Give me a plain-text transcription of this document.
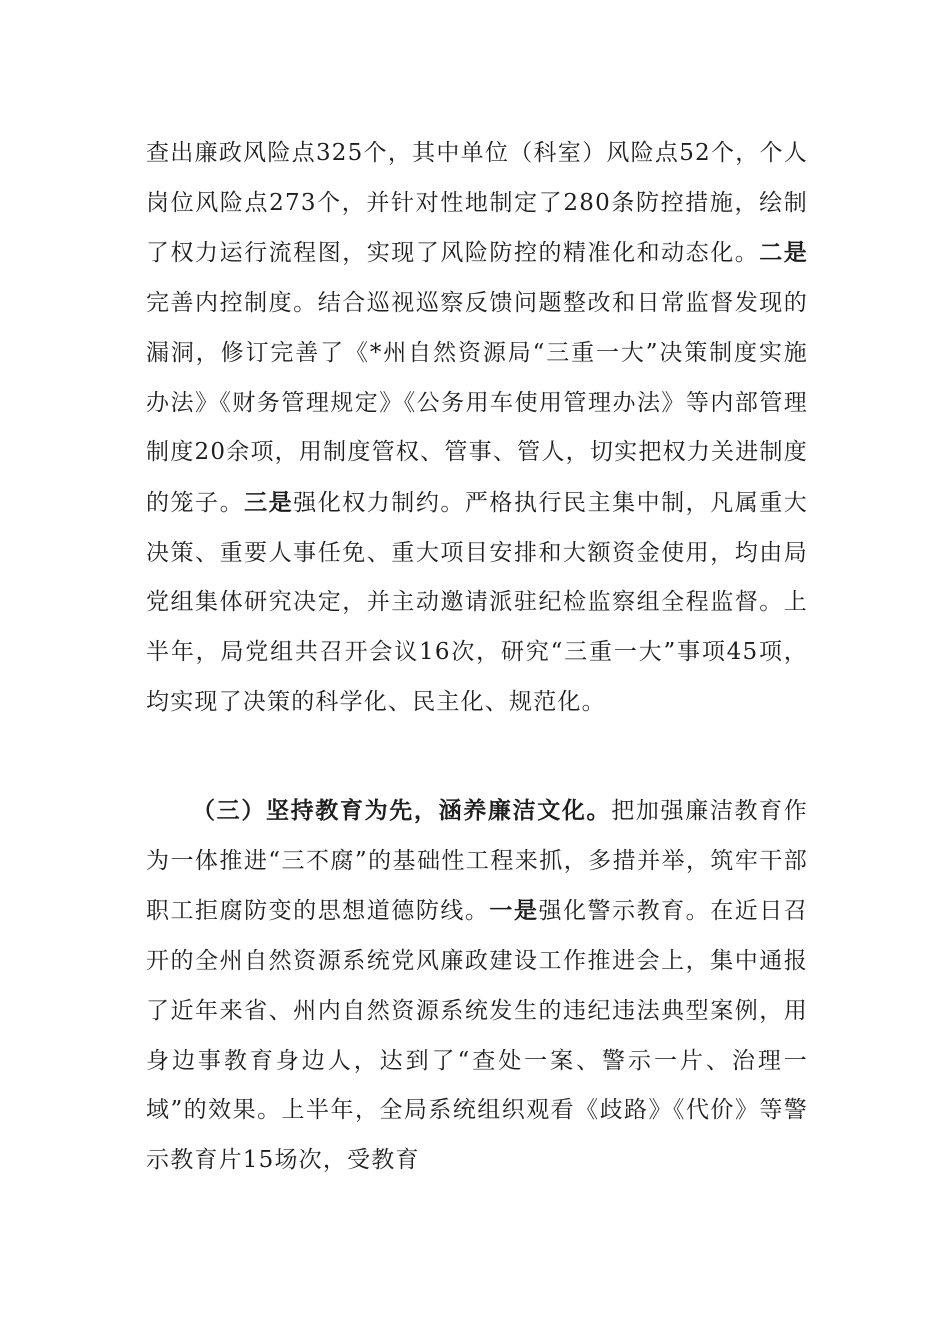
查出廉政风险点325个，其中单位（科室）风险点52个，个人岗位风险点273个，并针对性地制定了280条防控措施，绘制了权力运行流程图，实现了风险防控的精准化和动态化。二是完善内控制度。结合巡视巡察反馈问题整改和日常监督发现的漏洞，修订完善了《*州自然资源局“三重一大”决策制度实施办法》《财务管理规定》《公务用车使用管理办法》等内部管理制度20余项，用制度管权、管事、管人，切实把权力关进制度的笼子。三是强化权力制约。严格执行民主集中制，凡属重大决策、重要人事任免、重大项目安排和大额资金使用，均由局党组集体研究决定，并主动邀请派驻纪检监察组全程监督。上半年，局党组共召开会议16次，研究“三重一大”事项45项，均实现了决策的科学化、民主化、规范化。

（三）坚持教育为先，涵养廉洁文化。把加强廉洁教育作为一体推进“三不腐”的基础性工程来抓，多措并举，筑牢干部职工拒腐防变的思想道德防线。一是强化警示教育。在近日召开的全州自然资源系统党风廉政建设工作推进会上，集中通报了近年来省、州内自然资源系统发生的违纪违法典型案例，用身边事教育身边人，达到了“查处一案、警示一片、治理一域”的效果。上半年，全局系统组织观看《歧路》《代价》等警示教育片15场次，受教育
